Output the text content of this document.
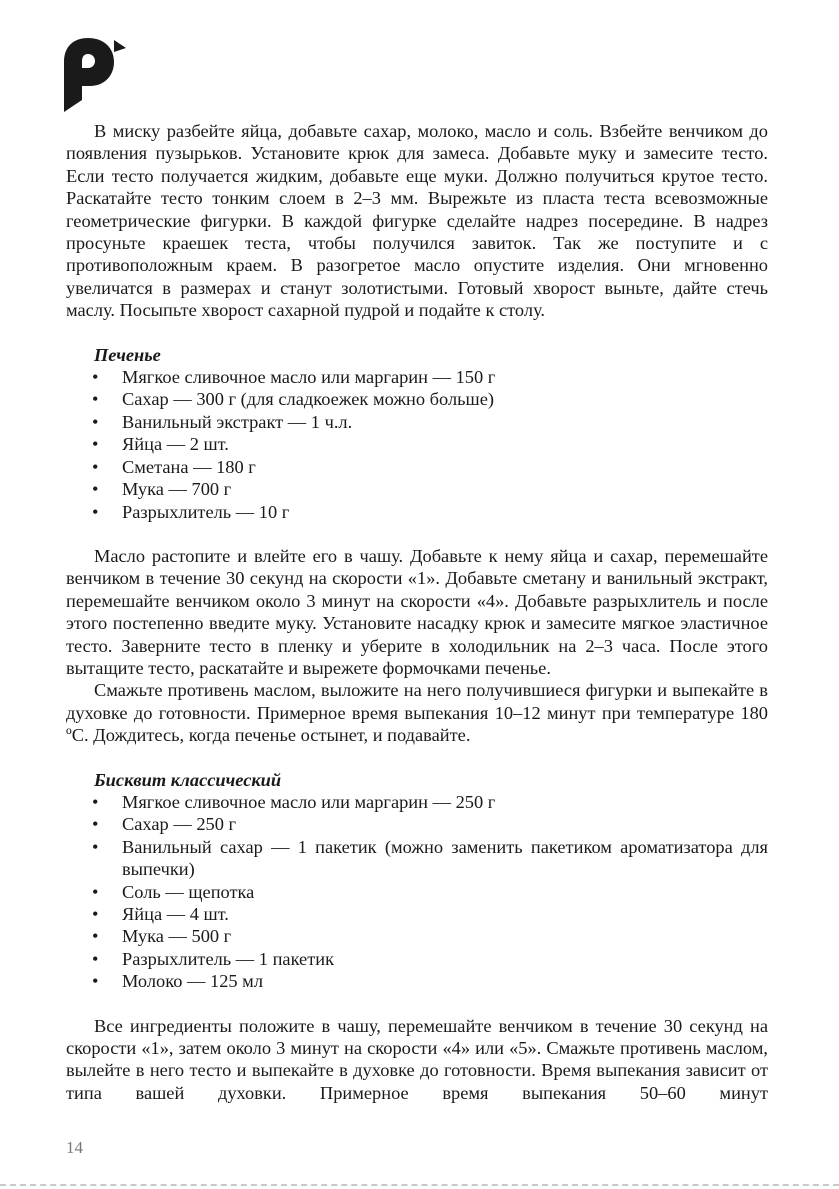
В миску разбейте яйца, добавьте сахар, молоко, масло и соль. Взбейте венчиком до появления пузырьков. Установите крюк для замеса. Добавьте муку и замесите тесто. Если тесто получается жидким, добавьте еще муки. Должно получиться крутое тесто. Раскатайте тесто тонким слоем в 2–3 мм. Вырежьте из пласта теста всевозможные геометрические фигурки. В каждой фигурке сделайте надрез посередине. В надрез просуньте краешек теста, чтобы получился завиток. Так же поступите и с противоположным краем. В разогретое масло опустите изделия. Они мгновенно увеличатся в размерах и станут золотистыми. Готовый хворост выньте, дайте стечь маслу. Посыпьте хворост сахарной пудрой и подайте к столу.

Печенье

• Мягкое сливочное масло или маргарин — 150 г
• Сахар — 300 г (для сладкоежек можно больше)
• Ванильный экстракт — 1 ч.л.
• Яйца — 2 шт.
• Сметана — 180 г
• Мука — 700 г
• Разрыхлитель — 10 г

Масло растопите и влейте его в чашу. Добавьте к нему яйца и сахар, перемешайте венчиком в течение 30 секунд на скорости «1». Добавьте сметану и ванильный экстракт, перемешайте венчиком около 3 минут на скорости «4». Добавьте разрыхлитель и после этого постепенно введите муку. Установите насадку крюк и замесите мягкое эластичное тесто. Заверните тесто в пленку и уберите в холодильник на 2–3 часа. После этого вытащите тесто, раскатайте и вырежете формочками печенье.

Смажьте противень маслом, выложите на него получившиеся фигурки и выпекайте в духовке до готовности. Примерное время выпекания 10–12 минут при температуре 180 ºС. Дождитесь, когда печенье остынет, и подавайте.

Бисквит классический

• Мягкое сливочное масло или маргарин — 250 г
• Сахар — 250 г
• Ванильный сахар — 1 пакетик (можно заменить пакетиком ароматизатора для выпечки)
• Соль — щепотка
• Яйца — 4 шт.
• Мука — 500 г
• Разрыхлитель — 1 пакетик
• Молоко — 125 мл

Все ингредиенты положите в чашу, перемешайте венчиком в течение 30 секунд на скорости «1», затем около 3 минут на скорости «4» или «5». Смажьте противень маслом, вылейте в него тесто и выпекайте в духовке до готовности. Время выпекания зависит от типа вашей духовки. Примерное время выпекания 50–60 минут

14
